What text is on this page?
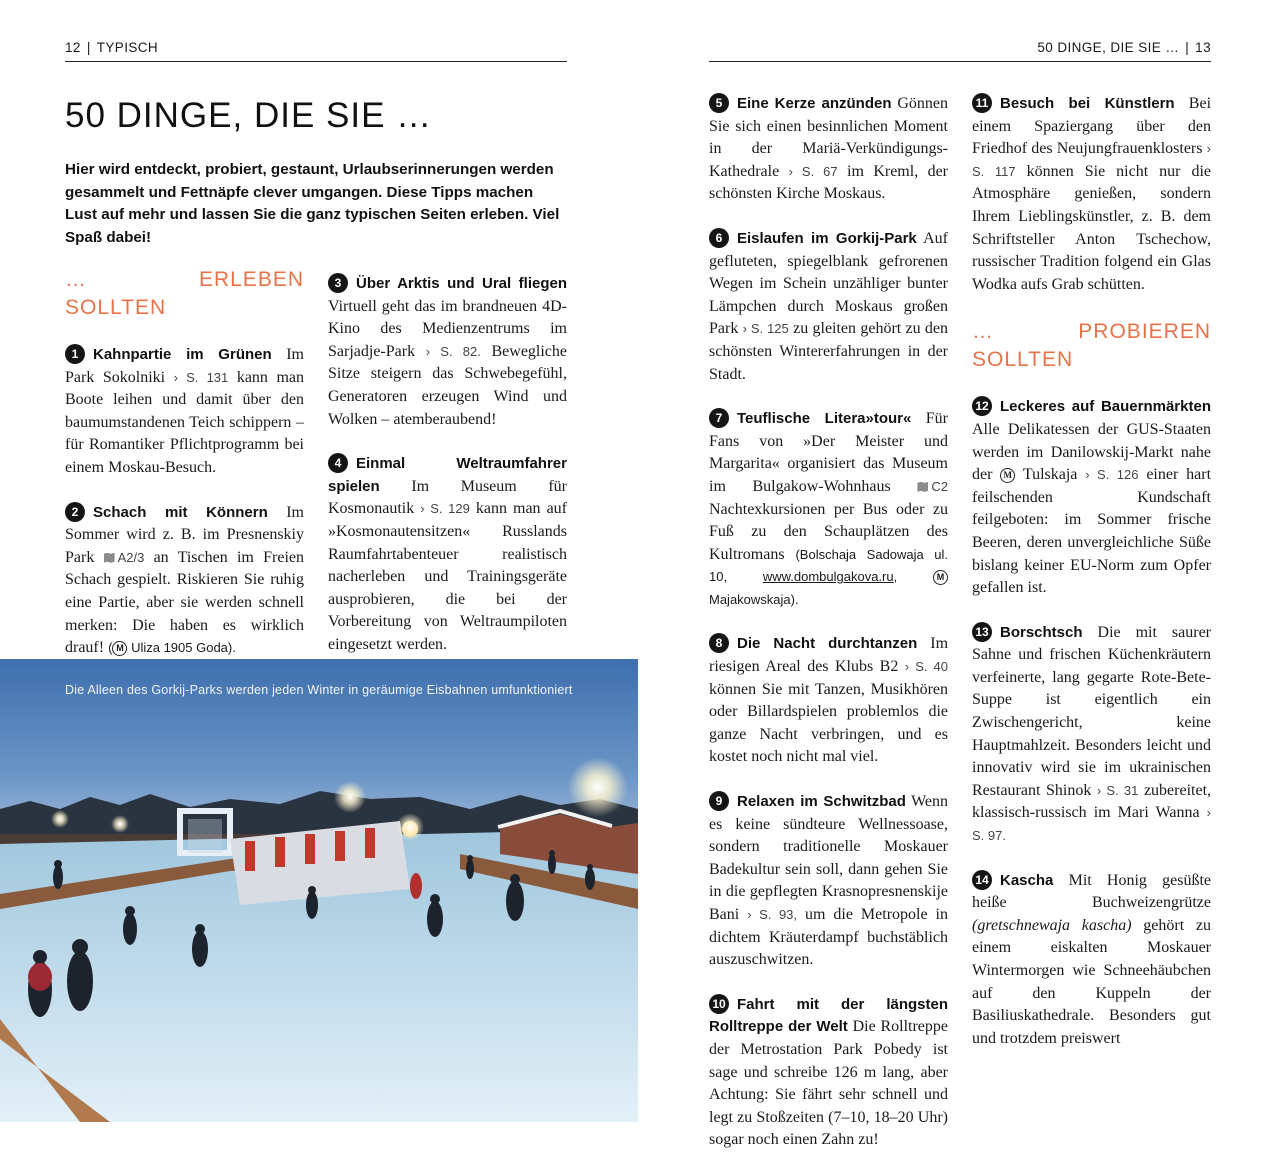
12 | TYPISCH	50 DINGE, DIE SIE … | 13
50 DINGE, DIE SIE …

Hier wird entdeckt, probiert, gestaunt, Urlaubserinnerungen werden gesammelt und Fettnäpfe clever umgangen. Diese Tipps machen Lust auf mehr und lassen Sie die ganz typischen Seiten erleben. Viel Spaß dabei!

… ERLEBEN SOLLTEN

1 Kahnpartie im Grünen Im Park Sokolniki › S. 131 kann man Boote leihen und damit über den baumumstandenen Teich schippern – für Romantiker Pflichtprogramm bei einem Moskau-Besuch.

2 Schach mit Könnern Im Sommer wird z. B. im Presnenskiy Park A2/3 an Tischen im Freien Schach gespielt. Riskieren Sie ruhig eine Partie, aber sie werden schnell merken: Die haben es wirklich drauf! ( M Uliza 1905 Goda).

3 Über Arktis und Ural fliegen Virtuell geht das im brandneuen 4D-Kino des Medienzentrums im Sarjadje-Park › S. 82. Bewegliche Sitze steigern das Schwebegefühl, Generatoren erzeugen Wind und Wolken – atemberaubend!

4 Einmal Weltraumfahrer spielen Im Museum für Kosmonautik › S. 129 kann man auf »Kosmonautensitzen« Russlands Raumfahrtabenteuer realistisch nacherleben und Trainingsgeräte ausprobieren, die bei der Vorbereitung von Weltraumpiloten eingesetzt werden.

Die Alleen des Gorkij-Parks werden jeden Winter in geräumige Eisbahnen umfunktioniert

5 Eine Kerze anzünden Gönnen Sie sich einen besinnlichen Moment in der Mariä-Verkündigungs-Kathedrale › S. 67 im Kreml, der schönsten Kirche Moskaus.

6 Eislaufen im Gorkij-Park Auf gefluteten, spiegelblank gefrorenen Wegen im Schein unzähliger bunter Lämpchen durch Moskaus großen Park › S. 125 zu gleiten gehört zu den schönsten Wintererfahrungen in der Stadt.

7 Teuflische Litera»tour« Für Fans von »Der Meister und Margarita« organisiert das Museum im Bulgakow-Wohnhaus	C2 Nachtexkursionen per Bus oder zu Fuß zu den Schauplätzen des Kultromans (Bolschaja Sadowaja ul. 10,	www.dombulgakova.ru, M Majakowskaja).

8 Die Nacht durchtanzen Im riesigen Areal des Klubs B2 › S. 40 können Sie mit Tanzen, Musikhören oder Billardspielen problemlos die ganze Nacht verbringen, und es kostet noch nicht mal viel.

9 Relaxen im Schwitzbad Wenn es keine sündteure Wellnessoase, sondern traditionelle Moskauer Badekultur sein soll, dann gehen Sie in die gepflegten Krasnopresnenskije Bani › S. 93, um die Metropole in dichtem Kräuterdampf buchstäblich auszuschwitzen.

10 Fahrt mit der längsten Rolltreppe der Welt Die Rolltreppe der Metrostation Park Pobedy ist sage und schreibe 126 m lang, aber Achtung: Sie fährt sehr schnell und legt zu Stoßzeiten (7–10, 18–20 Uhr) sogar noch einen Zahn zu!

11 Besuch bei Künstlern Bei einem Spaziergang über den Friedhof des Neujungfrauenklosters › S. 117 können Sie nicht nur die Atmosphäre genießen, sondern Ihrem Lieblingskünstler, z. B. dem Schriftsteller Anton Tschechow, russischer Tradition folgend ein Glas Wodka aufs Grab schütten.

… PROBIEREN SOLLTEN

12 Leckeres auf Bauernmärkten Alle Delikatessen der GUS-Staaten werden im Danilowskij-Markt nahe der M Tulskaja › S. 126 einer hart feilschenden Kundschaft feilgeboten: im Sommer frische Beeren, deren unvergleichliche Süße bislang keiner EU-Norm zum Opfer gefallen ist.

13 Borschtsch Die mit saurer Sahne und frischen Küchenkräutern verfeinerte, lang gegarte Rote-Bete-Suppe ist eigentlich ein Zwischengericht, keine Hauptmahlzeit. Besonders leicht und innovativ wird sie im ukrainischen Restaurant Shinok › S. 31 zubereitet, klassisch-russisch im Mari Wanna › S. 97.

14 Kascha Mit Honig gesüßte heiße Buchweizengrütze (gretschnewaja kascha) gehört zu einem eiskalten Moskauer Wintermorgen wie Schneehäubchen auf den Kuppeln der Basiliuskathedrale. Besonders gut und trotzdem preiswert
